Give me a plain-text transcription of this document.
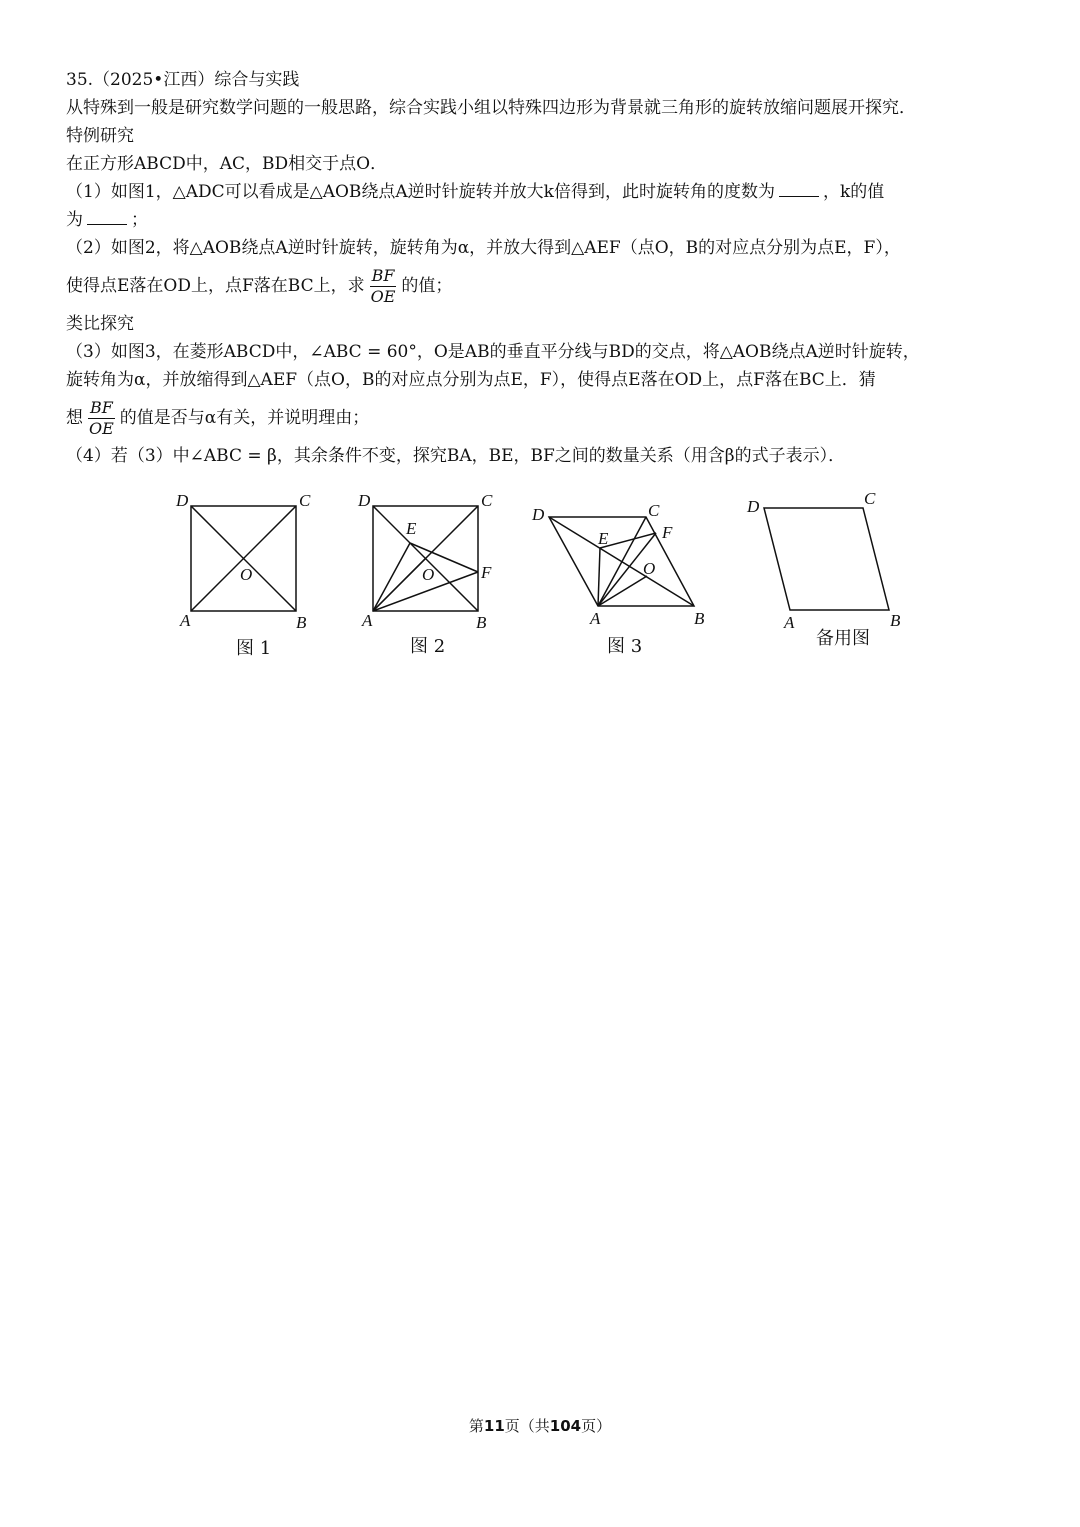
35.（2025•江西）综合与实践
从特殊到一般是研究数学问题的一般思路，综合实践小组以特殊四边形为背景就三角形的旋转放缩问题展开探究．
特例研究
在正方形ABCD中，AC，BD相交于点O．
（1）如图1，△ADC可以看成是△AOB绕点A逆时针旋转并放大k倍得到，此时旋转角的度数为	，k的值
为	；
（2）如图2，将△AOB绕点A逆时针旋转，旋转角为α，并放大得到△AEF（点O，B的对应点分别为点E，F），
使得点E落在OD上，点F落在BC上，求 $\frac{BF}{OE}$ 的值；
类比探究
（3）如图3，在菱形ABCD中，∠ABC = 60°，O是AB的垂直平分线与BD的交点，将△AOB绕点A逆时针旋转，
旋转角为α，并放缩得到△AEF（点O，B的对应点分别为点E，F），使得点E落在OD上，点F落在BC上．猜
想 $\frac{BF}{OE}$ 的值是否与α有关，并说明理由；
（4）若（3）中∠ABC = β，其余条件不变，探究BA，BE，BF之间的数量关系（用含β的式子表示）．
D	C
A	B
O
图 1
D	C
A	B
E
F
O
图 2
D	C
A	B
E	F
O
图 3
D	C
A	B
备用图
第11页（共104页）
